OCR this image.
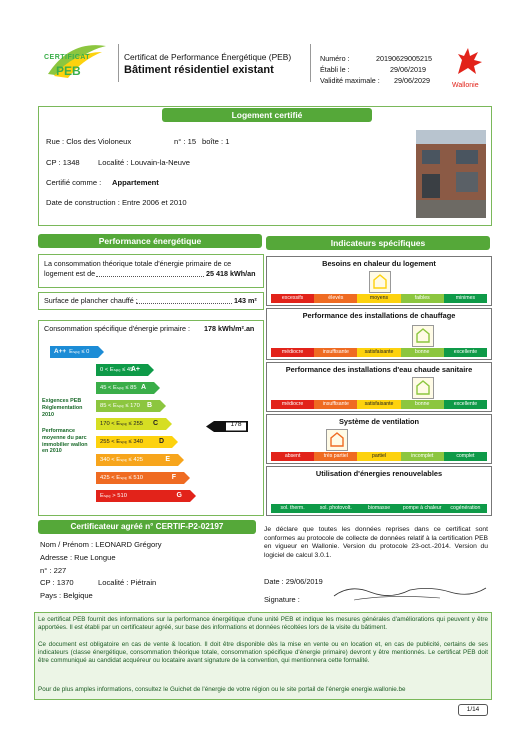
CERTIFICAT
PEB
Certificat de Performance Énergétique (PEB)
Bâtiment résidentiel existant
Numéro :	20190629005215
Établi le :	29/06/2019
Validité maximale : 29/06/2029
Wallonie
Logement certifié
Rue : Clos des Violoneux	n° : 15 boîte : 1
CP : 1348 Localité : Louvain-la-Neuve
Certifié comme : Appartement
Date de construction : Entre 2006 et 2010
Performance énergétique
La consommation théorique totale d'énergie primaire de ce
logement est de	25 418 kWh/an
Surface de plancher chauffé :	143 m²
Consommation spécifique d'énergie primaire : 178 kWh/m².an
A++ Eₛₚₑ ≤ 0
0 < Eₛₚₑ ≤ 45
A+
45 < Eₛₚₑ ≤ 85 A
85 < Eₛₚₑ ≤ 170 B
170 < Eₛₚₑ ≤ 255 C
255 < Eₛₚₑ ≤ 340 D
340 < Eₛₚₑ ≤ 425	E
425 < Eₛₚₑ ≤ 510	F
Eₛₚₑ > 510	G
Exigences PEB Réglementation 2010
Performance moyenne du parc immobilier wallon en 2010
178
Indicateurs spécifiques
Besoins en chaleur du logement
excessifs	élevés	moyens	faibles	minimes
Performance des installations de chauffage
médiocre	insuffisante	satisfaisante	bonne	excellente
Performance des installations d'eau chaude sanitaire
médiocre	insuffisante	satisfaisante	bonne	excellente
Système de ventilation
absent	très partiel	partiel	incomplet	complet
Utilisation d'énergies renouvelables
sol. therm.	sol. photovolt.	biomasse	pompe à chaleur	cogénération
Certificateur agréé n° CERTIF-P2-02197
Nom / Prénom : LEONARD Grégory
Adresse : Rue Longue
n° : 227
CP : 1370	Localité : Piétrain
Pays : Belgique
Je déclare que toutes les données reprises dans ce certificat sont conformes au protocole de collecte de données relatif à la certification PEB en vigueur en Wallonie. Version du protocole 23-oct.-2014. Version du logiciel de calcul 3.0.1.
Date : 29/06/2019
Signature :
Le certificat PEB fournit des informations sur la performance énergétique d'une unité PEB et indique les mesures générales d'améliorations qui peuvent y être apportées. Il est établi par un certificateur agréé, sur base des informations et données récoltées lors de la visite du bâtiment.
Ce document est obligatoire en cas de vente & location. Il doit être disponible dès la mise en vente ou en location et, en cas de publicité, certains de ses indicateurs (classe énergétique, consommation théorique totale, consommation spécifique d'énergie primaire) devront y être mentionnés. Le certificat PEB doit être communiqué au candidat acquéreur ou locataire avant signature de la convention, qui mentionnera cette formalité.
Pour de plus amples informations, consultez le Guichet de l'énergie de votre région ou le site portail de l'énergie energie.wallonie.be
1/14
